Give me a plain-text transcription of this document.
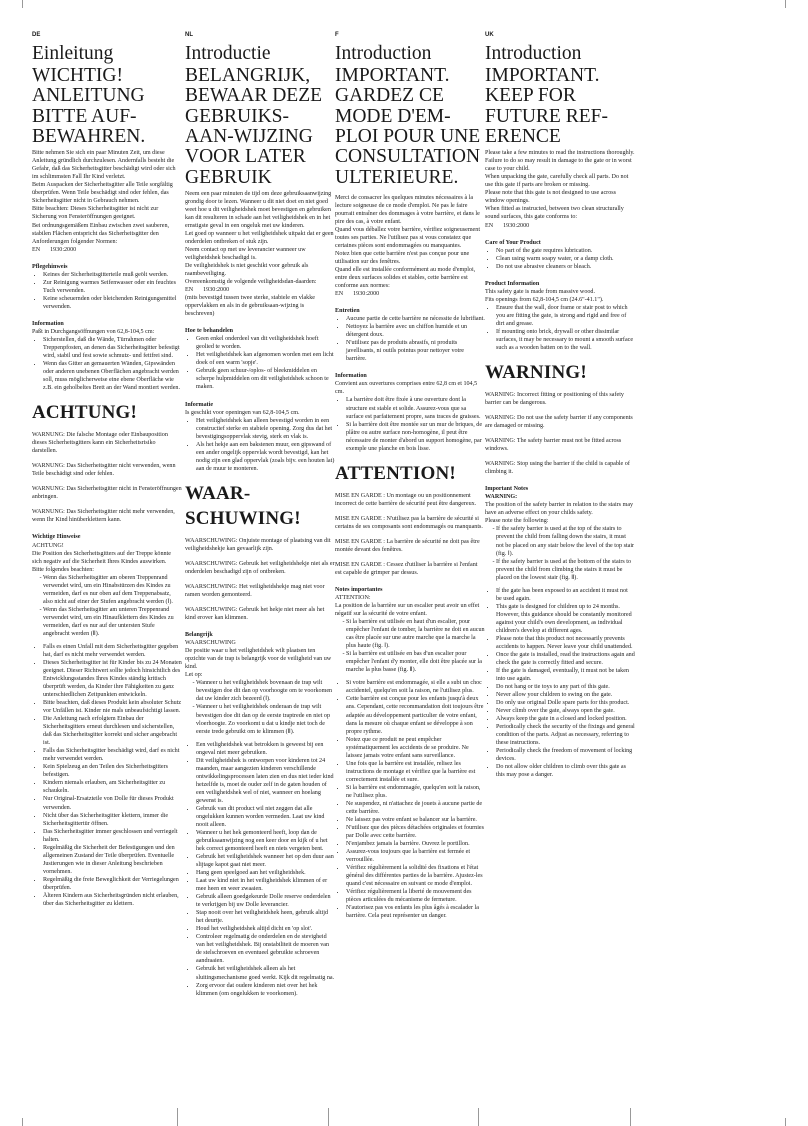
DE
Einleitung
WICHTIG! ANLEITUNG BITTE AUF-BEWAHREN.

Bitte nehmen Sie sich ein paar Minuten Zeit, um diese Anleitung gründlich durchzulesen. Andernfalls besteht die Gefahr, daß das Sicherheitsgitter beschädigt wird oder sich im schlimmsten Fall Ihr Kind verletzt.

Beim Auspacken der Sicherheitsgitter alle Teile sorgfältig überprüfen. Wenn Teile beschädigt sind oder fehlen, das Sicherheitsgitter nicht in Gebrauch nehmen.

Bitte beachten: Dieses Sicherheitsgitter ist nicht zur Sicherung von Fensteröffnungen geeignet.

Bei ordnungsgemäßem Einbau zwischen zwei sauberen, stabilen Flächen entspricht das Sicherheitsgitter den Anforderungen folgender Normen:

EN 1930:2000
Pflegehinweis
• Keines der Sicherheitsgitterteile muß geölt werden.
• Zur Reinigung warmes Seifenwasser oder ein feuchtes Tuch verwenden.
• Keine scheuernden oder bleichenden Reinigungsmittel verwenden.
Information

Paßt in Durchgangsöffnungen von 62,8-104,5 cm:

• Sicherstellen, daß die Wände, Türrahmen oder Treppenpfosten, an denen das Sicherheitsgitter befestigt wird, stabil und fest sowie schmutz- und fettfrei sind.
• Wenn das Gitter an gemauerten Wänden, Gipswänden oder anderen unebenen Oberflächen angebracht werden soll, muss möglicherweise eine ebene Oberfläche wie z.B. ein geholbeltes Brett an der Wand montiert werden.
ACHTUNG!

WARNUNG: Die falsche Montage oder Einbauposition dieses Sicherheitsgitters kann ein Sicherheitsrisiko darstellen.

WARNUNG: Das Sicherheitsgitter nicht verwenden, wenn Teile beschädigt sind oder fehlen.

WARNUNG: Das Sicherheitsgitter nicht in Fensteröffnungen anbringen.

WARNUNG: Das Sicherheitsgitter nicht mehr verwenden, wenn Ihr Kind hinüberklettern kann.

Wichtige Hinweise

ACHTUNG!

Die Position des Sicherheitsgitters auf der Treppe könnte sich negativ auf die Sicherheit Ihres Kindes auswirken.

Bitte folgendes beachten:

- Wenn das Sicherheitsgitter am oberen Treppenrand verwendet wird, um ein Hinabstürzen des Kindes zu vermeiden, darf es nur oben auf dem Treppenabsatz, also nicht auf einer der Stufen angebracht werden (Ⅰ).
- Wenn das Sicherheitsgitter am unteren Treppenrand verwendet wird, um ein Hinaufklettern des Kindes zu vermeiden, darf es nur auf der untersten Stufe angebracht werden (Ⅱ).
• Falls es einen Unfall mit dem Sicherheitsgitter gegeben hat, darf es nicht mehr verwendet werden.
• Dieses Sicherheitsgitter ist für Kinder bis zu 24 Monaten geeignet. Dieser Richtwert sollte jedoch hinsichtlich des Entwicklungsstandes Ihres Kindes ständig kritisch überprüft werden, da Kinder ihre Fähigkeiten zu ganz unterschiedlichen Zeitpunkten entwickeln.
• Bitte beachten, daß dieses Produkt kein absoluter Schutz vor Unfällen ist. Kinder nie mals unbeaufsichtigt lassen.
• Die Anleitung nach erfolgtem Einbau der Sicherheitsgitters erneut durchlesen und sicherstellen, daß das Sicherheitsgitter korrekt und sicher angebracht ist.
• Falls das Sicherheitsgitter beschädigt wird, darf es nicht mehr verwendet werden.
• Kein Spielzeug an den Teilen des Sicherheitsgitters befestigen.
• Kindern niemals erlauben, am Sicherheitsgitter zu schaukeln.
• Nur Original-Ersatzteile von Dolle für dieses Produkt verwenden.
• Nicht über das Sicherheitsgitter klettern, immer die Sicherheitsgittertür öffnen.
• Das Sicherheitsgitter immer geschlossen und verriegelt halten.
• Regelmäßig die Sicherheit der Befestigungen und den allgemeinen Zustand der Teile überprüfen. Eventuelle Justierungen wie in dieser Anleitung beschrieben vornehmen.
• Regelmäßig die freie Beweglichkeit der Verriegelungen überprüfen.
• Älteren Kindern aus Sicherheitsgründen nicht erlauben, über das Sicherheitsgitter zu klettern.
NL
Introductie
BELANGRIJK, BEWAAR DEZE GEBRUIKS-AAN-WIJZING VOOR LATER GEBRUIK

Neem een paar minuten de tijd om deze gebruiksaanwijzing grondig door te lezen. Wanneer u dit niet doet en niet goed weet hoe u dit veiligheidshek moet bevestigen en gebruiken kan dit resulteren in schade aan het veiligheidshek en in het ernstigste geval in een ongeluk met uw kinderen.

Let goed op wanneer u het veiligheidshek uitpakt dat er geen onderdelen ontbreken of stuk zijn.

Neem contact op met uw leverancier wanneer uw veiligheidshek beschadigd is.

De veiligheidshek is niet geschikt voor gebruik als raambeveiliging.

Overeenkomstig de volgende veiligheidsdan-daarden:

EN 1930:2000

(mits bevestigd tussen twee sterke, stabiele en vlakke oppervlakken en als in de gebruiksaan-wijzing is beschreven)

Hoe te behandelen
• Geen enkel onderdeel van dit veiligheidshek hoeft geolied te worden.
• Het veiligheidshek kan afgenomen worden met een licht doek of een warm 'sopje'.
• Gebruik geen schuur-/oplos- of bleekmiddelen en scherpe hulpmiddelen om dit veiligheidshek schoon te maken.
Informatie

Is geschikt voor openingen van 62,8-104,5 cm.

• Het veiligheidshek kan alleen bevestigd worden in een constructief sterke en stabiele opening. Zorg dus dat het bevestigingsoppervlak stevig, sterk en vlak is.
• Als het hekje aan een bakstenen muur, een gipswand of een ander ongelijk oppervlak wordt bevestigd, kan het nodig zijn een glad oppervlak (zoals bijv. een houten lat) aan de muur te monteren.
WAAR-SCHUWING!

WAARSCHUWING: Onjuiste montage of plaatsing van dit veiligheidshekje kan gevaarlijk zijn.

WAARSCHUWING: Gebruik het veiligheidshekje niet als er onderdelen beschadigd zijn of ontbreken.

WAARSCHUWING: Het veiligheidshekje mag niet voor ramen worden gemonteerd.

WAARSCHUWING: Gebruik het hekje niet meer als het kind erover kan klimmen.

Belangrijk

WAARSCHUWING

De positie waar u het veiligheidshek wilt plaatsen ten opzichte van de trap is belangrijk voor de veiligheid van uw kind.

Let op:

- Wanneer u het veiligheidshek bovenaan de trap wilt bevestigen doe dit dan op voorhoogte om te voorkomen dat uw kinder zich bezeerd (Ⅰ).
- Wanneer u het veiligheidshek onderaan de trap wilt bevestigen doe dit dan op de eerste traptrede en niet op vloerhoogte. Zo voorkomt u dat u kindje niet toch de eerste trede gebruikt om te klimmen (Ⅱ).
• Een veiligheidshek wat betrokken is geweest bij een ongeval niet meer gebruiken.
• Dit veiligheidshek is ontworpen voor kinderen tot 24 maanden, maar aangezien kinderen verschillende ontwikkelingsprocessen laten zien en dus niet ieder kind hetzelfde is, moet de ouder zelf in de gaten houden of een veiligheidshek wel of niet, wanneer en hoelang gewenst is.
• Gebruik van dit product wil niet zeggen dat alle ongelukken kunnen worden vermeden. Laat uw kind nooit alleen.
• Wanneer u het hek gemonteerd heeft, loop dan de gebruiksaanwijzing nog een keer door en kijk of u het hek correct gemonteerd heeft en niets vergeten bent.
• Gebruik het veiligheidshek wanneer het op den duur aan slijtage kapot gaat niet meer.
• Hang geen speelgoed aan het veiligheidshek.
• Laat uw kind niet in het veiligheidshek klimmen of er mee heen en weer zwaaien.
• Gebruik alleen goedgekeurde Dolle reserve onderdelen te verkrijgen bij uw Dolle leverancier.
• Stap nooit over het veiligheidshek heen, gebruik altijd het deurtje.
• Houd het veiligheidshek altijd dicht en 'op slot'.
• Controleer regelmatig de onderdelen en de stevigheid van het veiligheidshek. Bij onstabiliteit de moeren van de stelschroeven en eventueel gebruikte schroeven aandraaien.
• Gebruik het veiligheidshek alleen als het sluitingsmechanisme goed werkt. Kijk dit regelmatig na.
• Zorg ervoor dat oudere kinderen niet over het hek klimmen (om ongelukken te voorkomen).
F
Introduction
IMPORTANT. GARDEZ CE MODE D'EM-PLOI POUR UNE CONSULTATION ULTERIEURE.

Merci de consacrer les quelques minutes nécessaires à la lecture soigneuse de ce mode d'emploi. Ne pas le faire pourrait entraîner des dommages à votre barrière, et dans le pire des cas, à votre enfant.

Quand vous déballez votre barrière, vérifiez soigneusement toutes ses parties. Ne l'utilisez pas si vous constatez que certaines pièces sont endommagées ou manquantes.

Notez bien que cette barrière n'est pas conçue pour une utilisation sur des fenêtres.

Quand elle est installée conformément au mode d'emploi, entre deux surfaces solides et stables, cette barrière est conforme aux normes:

EN 1930:2000
Entretien
• Aucune partie de cette barrière ne nécessite de lubrifiant.
• Nettoyez la barrière avec un chiffon humide et un détergent doux.
• N'utilisez pas de produits abrasifs, ni produits javellisants, ni outils pointus pour nettoyer votre barrière.
Information

Convient aux ouvertures comprises entre 62,8 cm et 104,5 cm.

• La barrière doit être fixée à une ouverture dont la structure est stable et solide. Assurez-vous que sa surface est parfaitement propre, sans traces de graisses.
• Si la barrière doit être montée sur un mur de briques, de plâtre ou autre surface non-homogène, il peut être nécessaire de monter d'abord un support homogène, par exemple une planche en bois lisse.
ATTENTION!

MISE EN GARDE : Un montage ou un positionnement incorrect de cette barrière de sécurité peut être dangereux.

MISE EN GARDE : N'utilisez pas la barrière de sécurité si certains de ses composants sont endommagés ou manquants.

MISE EN GARDE : La barrière de sécurité ne doit pas être montée devant des fenêtres.

MISE EN GARDE : Cessez d'utiliser la barrière si l'enfant est capable de grimper par dessus.

Notes importantes

ATTENTION:

La position de la barrière sur un escalier peut avoir un effet négatif sur la sécurité de votre enfant.

- Si la barrière est utilisée en haut d'un escalier, pour empêcher l'enfant de tomber, la barrière ne doit en aucun cas être placée sur une autre marche que la marche la plus haute (fig. Ⅰ).
- Si la barrière est utilisée en bas d'un escalier pour empêcher l'enfant d'y monter, elle doit être placée sur la marche la plus basse (fig. Ⅱ).
• Si votre barrière est endommagée, si elle a subi un choc accidentel, quelqu'en soit la raison, ne l'utilisez plus.
• Cette barrière est conçue pour les enfants jusqu'à deux ans. Cependant, cette recommandation doit toujours être adaptée au développement particulier de votre enfant, dans la mesure où chaque enfant se développe à son propre rythme.
• Notez que ce produit ne peut empêcher systématiquement les accidents de se produire. Ne laissez jamais votre enfant sans surveillance.
• Une fois que la barrière est installée, relisez les instructions de montage et vérifiez que la barrière est correctement installée et sure.
• Si la barrière est endommagée, quelqu'en soit la raison, ne l'utilisez plus.
• Ne suspendez, ni n'attachez de jouets à aucune partie de cette barrière.
• Ne laissez pas votre enfant se balancer sur la barrière.
• N'utilisez que des pièces détachées originales et fournies par Dolle avec cette barrière.
• N'enjambez jamais la barrière. Ouvrez le portillon.
• Assurez-vous toujours que la barrière est fermée et verrouillée.
• Vérifiez régulièrement la solidité des fixations et l'état général des différentes parties de la barrière. Ajustez-les quand c'est nécessaire en suivant ce mode d'emploi.
• Vérifiez régulièrement la liberté de mouvement des pièces articulées du mécanisme de fermeture.
• N'autorisez pas vos enfants les plus âgés à escalader la barrière. Cela peut représenter un danger.
UK
Introduction
IMPORTANT. KEEP FOR FUTURE REF-ERENCE

Please take a few minutes to read the instructions thoroughly. Failure to do so may result in damage to the gate or in worst case to your child.

When unpacking the gate, carefully check all parts. Do not use this gate if parts are broken or missing.

Please note that this gate is not designed to use across window openings.

When fitted as instructed, between two clean structurally sound surfaces, this gate conforms to:

EN 1930:2000
Care of Your Product
• No part of the gate requires lubrication.
• Clean using warm soapy water, or a damp cloth.
• Do not use abrasive cleaners or bleach.
Product Information

This safety gate is made from massive wood.

Fits openings from 62,8-104,5 cm (24.6"-41.1").

• Ensure that the wall, door frame or stair post to which you are fitting the gate, is strong and rigid and free of dirt and grease.
• If mounting onto brick, drywall or other dissimilar surfaces, it may be necessary to mount a smooth surface such as a wooden batten on to the wall.
WARNING!

WARNING: Incorrect fitting or positioning of this safety barrier can be dangerous.

WARNING: Do not use the safety barrier if any components are damaged or missing.

WARNING: The safety barrier must not be fitted across windows.

WARNING: Stop using the barrier if the child is capable of climbing it.

Important Notes

WARNING:

The position of the safety barrier in relation to the stairs may have an adverse effect on your childs safety.

Please note the following:

- If the safety barrier is used at the top of the stairs to prevent the child from falling down the stairs, it must not be placed on any stair below the level of the top stair (fig. Ⅰ).
- If the safety barrier is used at the bottom of the stairs to prevent the child from climbing the stairs it must be placed on the lowest stair (fig. Ⅱ).
• If the gate has been exposed to an accident it must not be used again.
• This gate is designed for children up to 24 months. However, this guidance should be constantly monitored against your child's own development, as individual children's develop at different ages.
• Please note that this product not necessarily prevents accidents to happen. Never leave your child unattended.
• Once the gate is installed, read the instructions again and check the gate is correctly fitted and secure.
• If the gate is damaged, eventually, it must not be taken into use again.
• Do not hang or tie toys to any part of this gate.
• Never allow your children to swing on the gate.
• Do only use original Dolle spare parts for this product.
• Never climb over the gate, always open the gate.
• Always keep the gate in a closed and locked position.
• Periodically check the security of the fixings and general condition of the parts. Adjust as necessary, referring to these instructions.
• Periodically check the freedom of movement of locking devices.
• Do not allow older children to climb over this gate as this may pose a danger.
